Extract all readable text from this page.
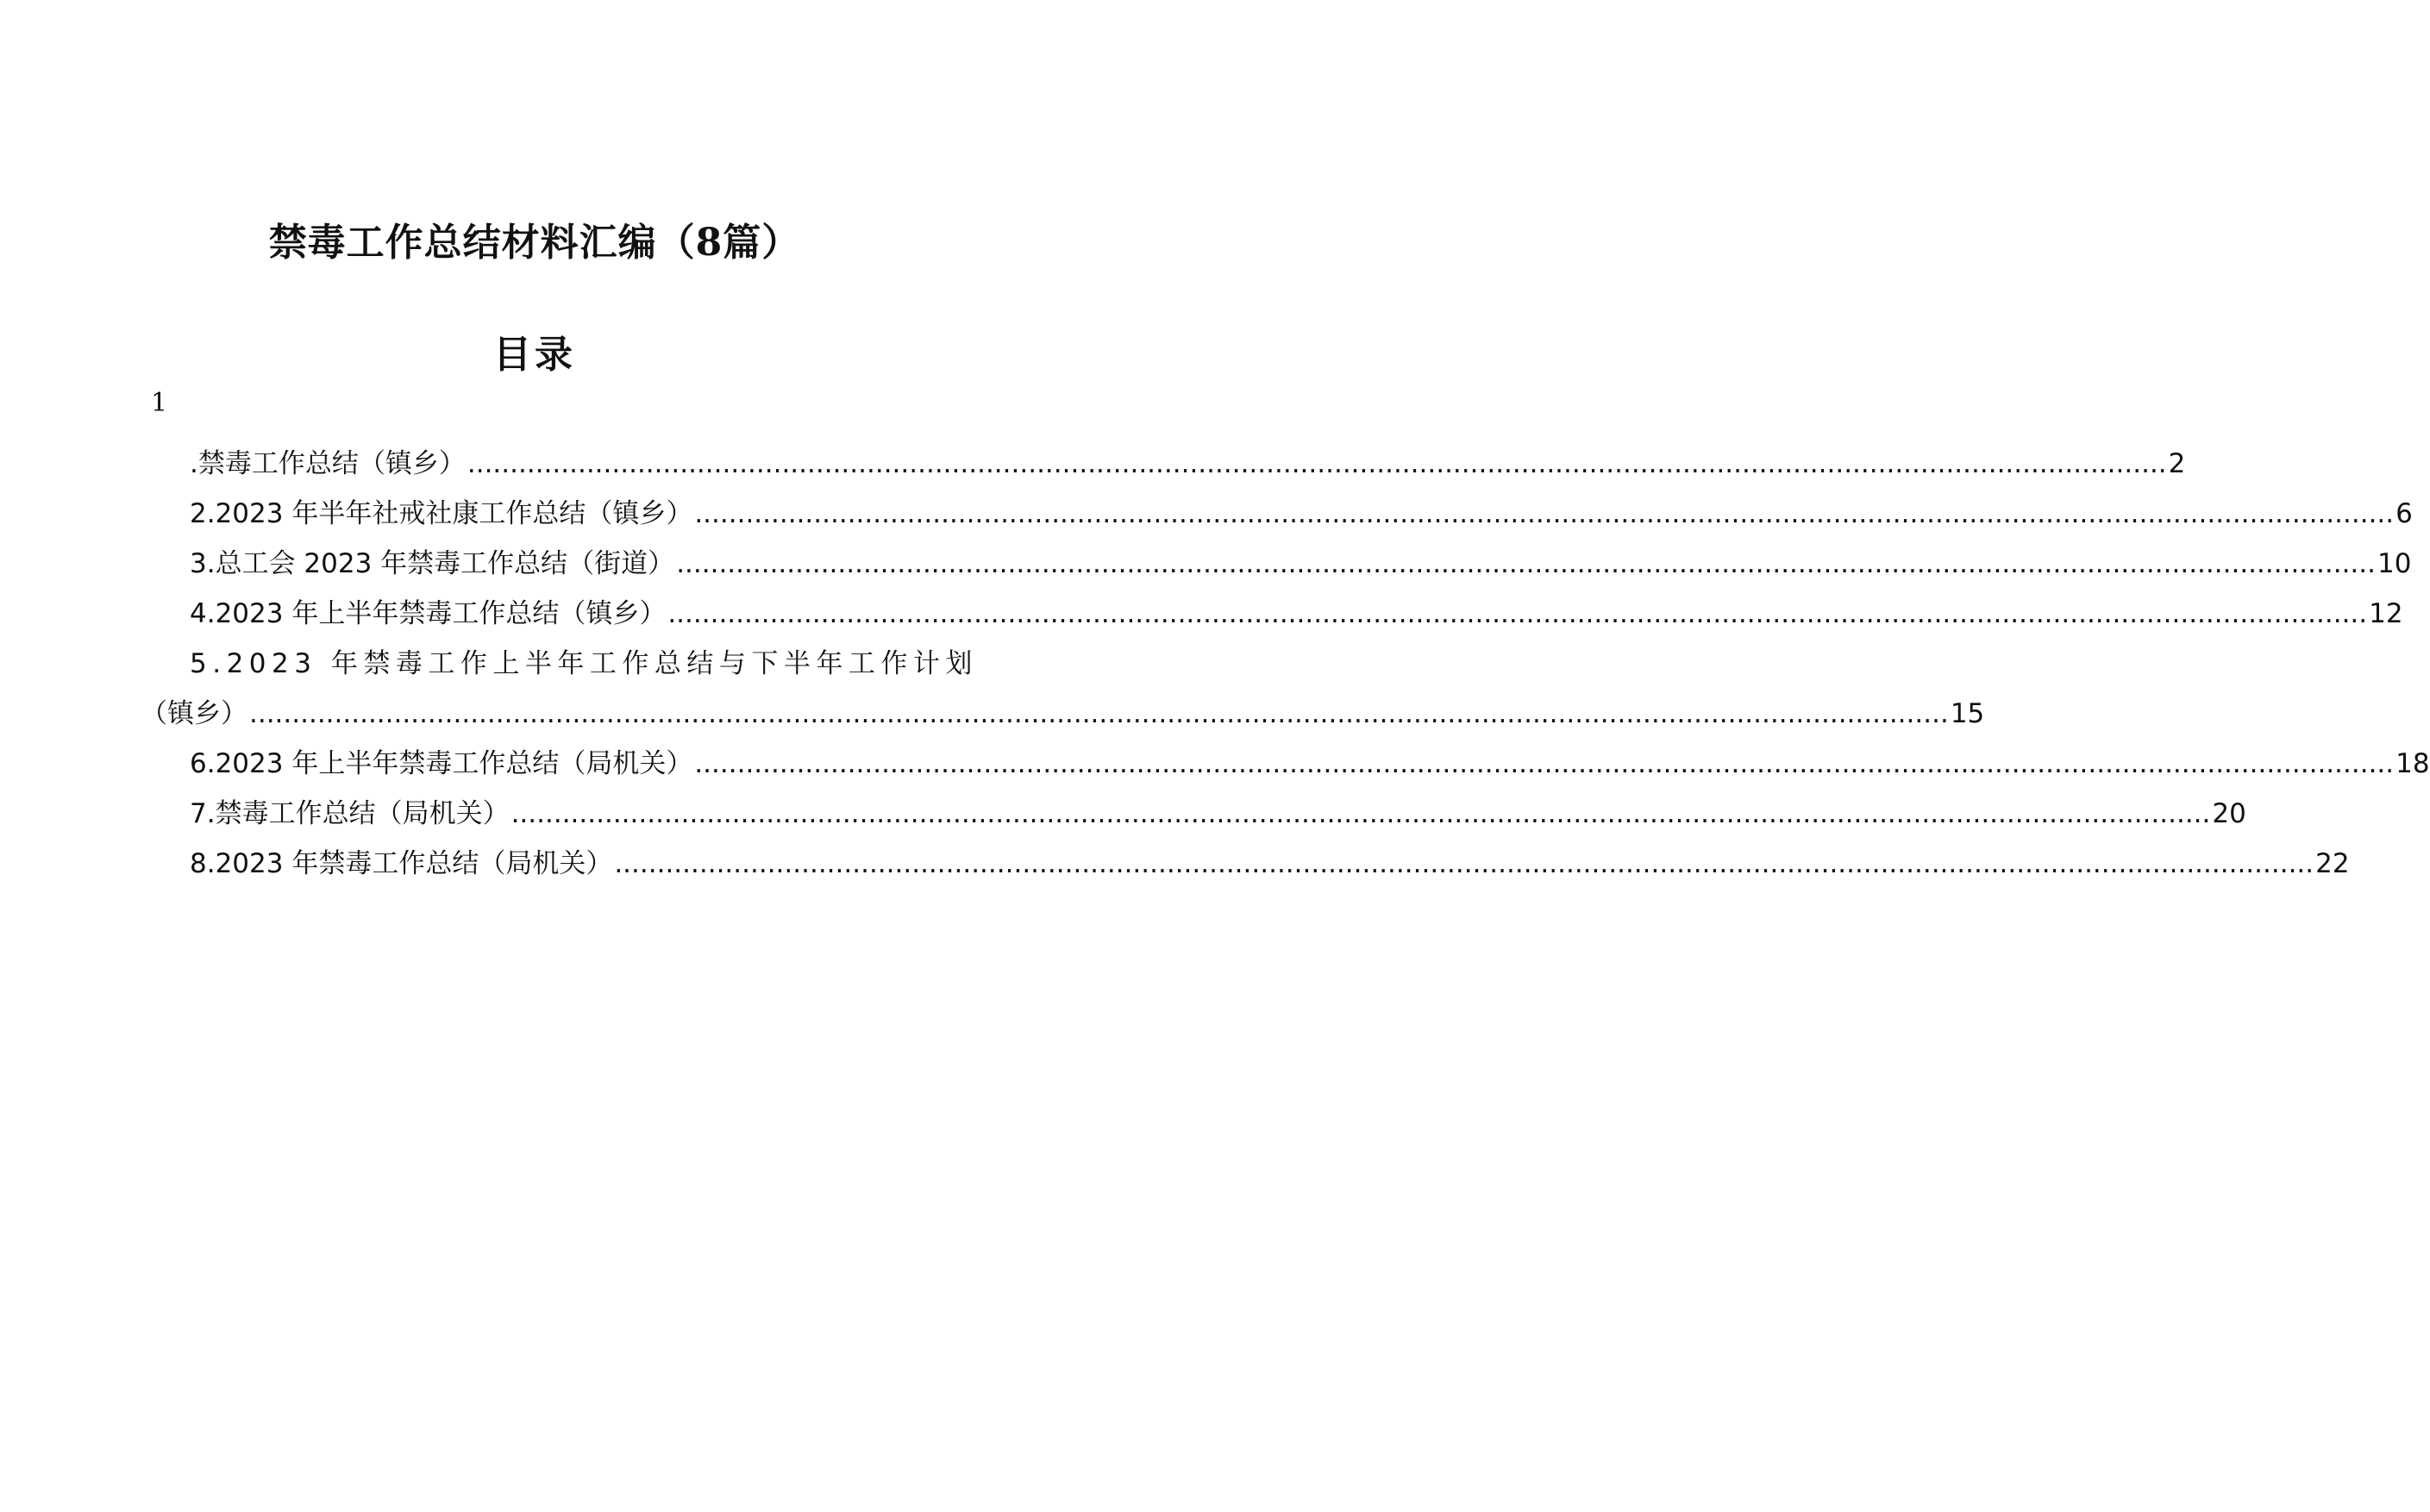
禁毒工作总结材料汇编（8篇）
目录
1
.禁毒工作总结（镇乡） ........................................................................................................................................................................................................ 2
2.2023 年半年社戒社康工作总结（镇乡） ........................................................................................................................................................................................................ 6
3.总工会 2023 年禁毒工作总结（街道） ........................................................................................................................................................................................................ 10
4.2023 年上半年禁毒工作总结（镇乡） ........................................................................................................................................................................................................ 12
5.2023 年禁毒工作上半年工作总结与下半年工作计划
（镇乡） ........................................................................................................................................................................................................ 15
6.2023 年上半年禁毒工作总结（局机关） ........................................................................................................................................................................................................ 18
7.禁毒工作总结（局机关） ........................................................................................................................................................................................................ 20
8.2023 年禁毒工作总结（局机关） ........................................................................................................................................................................................................ 22
